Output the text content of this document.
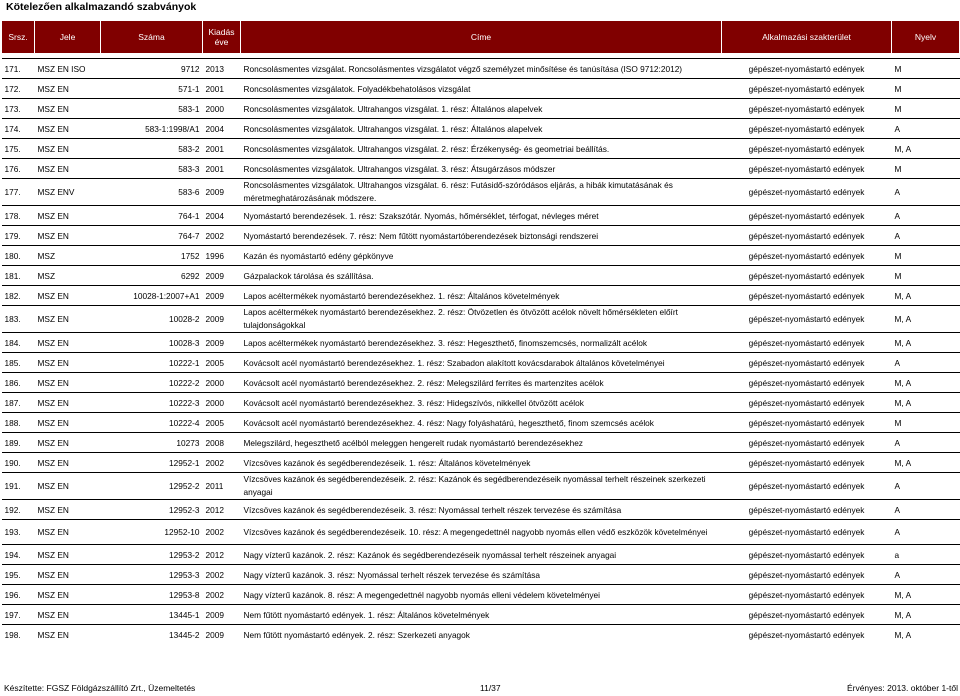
Kötelezően alkalmazandó szabványok
Srsz.	Jele	Száma	Kiadás éve	Címe	Alkalmazási szakterület	Nyelv

171.	MSZ EN ISO	9712	2013	Roncsolásmentes vizsgálat. Roncsolásmentes vizsgálatot végző személyzet minősítése és tanúsítása (ISO 9712:2012)	gépészet-nyomástartó edények	M
172.	MSZ EN	571-1	2001	Roncsolásmentes vizsgálatok. Folyadékbehatolásos vizsgálat	gépészet-nyomástartó edények	M
173.	MSZ EN	583-1	2000	Roncsolásmentes vizsgálatok. Ultrahangos vizsgálat. 1. rész: Általános alapelvek	gépészet-nyomástartó edények	M
174.	MSZ EN	583-1:1998/A1	2004	Roncsolásmentes vizsgálatok. Ultrahangos vizsgálat. 1. rész: Általános alapelvek	gépészet-nyomástartó edények	A
175.	MSZ EN	583-2	2001	Roncsolásmentes vizsgálatok. Ultrahangos vizsgálat. 2. rész: Érzékenység- és geometriai beállítás.	gépészet-nyomástartó edények	M, A
176.	MSZ EN	583-3	2001	Roncsolásmentes vizsgálatok. Ultrahangos vizsgálat. 3. rész: Átsugárzásos módszer	gépészet-nyomástartó edények	M
177.	MSZ ENV	583-6	2009	Roncsolásmentes vizsgálatok. Ultrahangos vizsgálat. 6. rész: Futásidő-szóródásos eljárás, a hibák kimutatásának és méretmeghatározásának módszere.	gépészet-nyomástartó edények	A
178.	MSZ EN	764-1	2004	Nyomástartó berendezések. 1. rész: Szakszótár. Nyomás, hőmérséklet, térfogat, névleges méret	gépészet-nyomástartó edények	A
179.	MSZ EN	764-7	2002	Nyomástartó berendezések. 7. rész: Nem fűtött nyomástartóberendezések biztonsági rendszerei	gépészet-nyomástartó edények	A
180.	MSZ	1752	1996	Kazán és nyomástartó edény gépkönyve	gépészet-nyomástartó edények	M
181.	MSZ	6292	2009	Gázpalackok tárolása és szállítása.	gépészet-nyomástartó edények	M
182.	MSZ EN	10028-1:2007+A1	2009	Lapos acéltermékek nyomástartó berendezésekhez. 1. rész: Általános követelmények	gépészet-nyomástartó edények	M, A
183.	MSZ EN	10028-2	2009	Lapos acéltermékek nyomástartó berendezésekhez. 2. rész: Ötvözetlen és ötvözött acélok növelt hőmérsékleten előírt tulajdonságokkal	gépészet-nyomástartó edények	M, A
184.	MSZ EN	10028-3	2009	Lapos acéltermékek nyomástartó berendezésekhez. 3. rész: Hegeszthető, finomszemcsés, normalizált acélok	gépészet-nyomástartó edények	M, A
185.	MSZ EN	10222-1	2005	Kovácsolt acél nyomástartó berendezésekhez. 1. rész: Szabadon alakított kovácsdarabok általános követelményei	gépészet-nyomástartó edények	A
186.	MSZ EN	10222-2	2000	Kovácsolt acél nyomástartó berendezésekhez. 2. rész: Melegszilárd ferrites és martenzites acélok	gépészet-nyomástartó edények	M, A
187.	MSZ EN	10222-3	2000	Kovácsolt acél nyomástartó berendezésekhez. 3. rész: Hidegszívós, nikkellel ötvözött acélok	gépészet-nyomástartó edények	M, A
188.	MSZ EN	10222-4	2005	Kovácsolt acél nyomástartó berendezésekhez. 4. rész: Nagy folyáshatárú, hegeszthető, finom szemcsés acélok	gépészet-nyomástartó edények	M
189.	MSZ EN	10273	2008	Melegszilárd, hegeszthető acélból meleggen hengerelt rudak nyomástartó berendezésekhez	gépészet-nyomástartó edények	A
190.	MSZ EN	12952-1	2002	Vízcsöves kazánok és segédberendezéseik. 1. rész: Általános követelmények	gépészet-nyomástartó edények	M, A
191.	MSZ EN	12952-2	2011	Vízcsöves kazánok és segédberendezéseik. 2. rész: Kazánok és segédberendezéseik nyomással terhelt részeinek szerkezeti anyagai	gépészet-nyomástartó edények	A
192.	MSZ EN	12952-3	2012	Vízcsöves kazánok és segédberendezéseik. 3. rész: Nyomással terhelt részek tervezése és számítása	gépészet-nyomástartó edények	A
193.	MSZ EN	12952-10	2002	Vízcsöves kazánok és segédberendezéseik. 10. rész: A megengedettnél nagyobb nyomás ellen védő eszközök követelményei	gépészet-nyomástartó edények	A
194.	MSZ EN	12953-2	2012	Nagy vízterű kazánok. 2. rész: Kazánok és segédberendezéseik nyomással terhelt részeinek anyagai	gépészet-nyomástartó edények	a
195.	MSZ EN	12953-3	2002	Nagy vízterű kazánok. 3. rész: Nyomással terhelt részek tervezése és számítása	gépészet-nyomástartó edények	A
196.	MSZ EN	12953-8	2002	Nagy vízterű kazánok. 8. rész: A megengedettnél nagyobb nyomás elleni védelem követelményei	gépészet-nyomástartó edények	M, A
197.	MSZ EN	13445-1	2009	Nem fűtött nyomástartó edények. 1. rész: Általános követelmények	gépészet-nyomástartó edények	M, A
198.	MSZ EN	13445-2	2009	Nem fűtött nyomástartó edények. 2. rész: Szerkezeti anyagok	gépészet-nyomástartó edények	M, A
Készítette: FGSZ Földgázszállító Zrt., Üzemeltetés	11/37	Érvényes: 2013. október 1-től
